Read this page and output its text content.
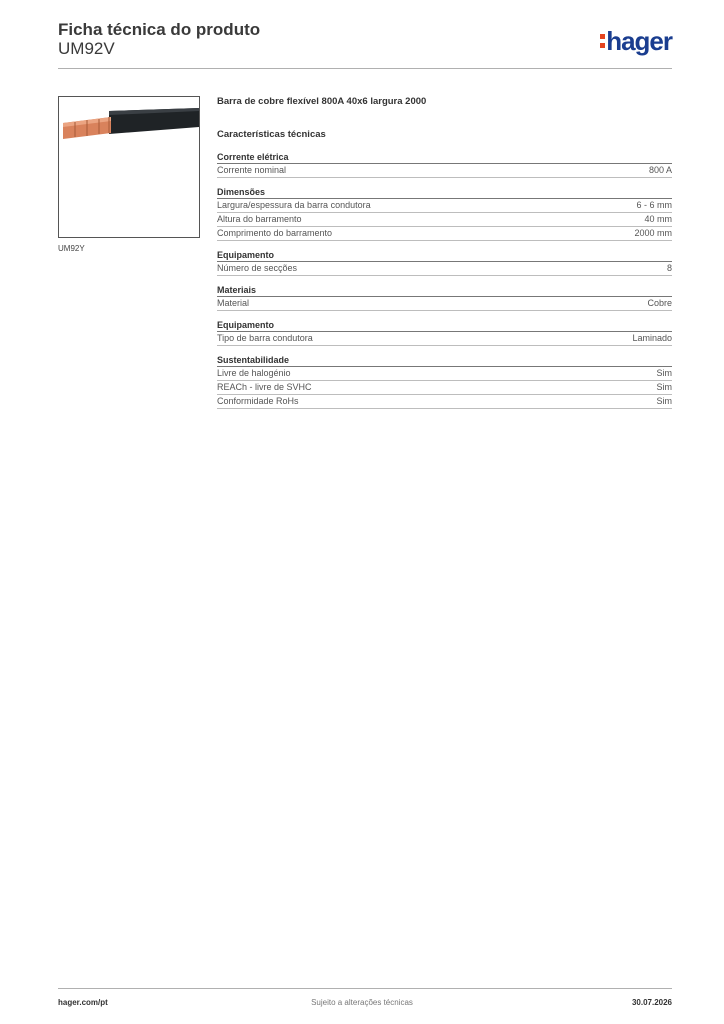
Ficha técnica do produto
UM92V	hager
UM92Y
Barra de cobre flexível 800A 40x6 largura 2000
Características técnicas
Corrente elétrica
Corrente nominal	800 A
Dimensões
Largura/espessura da barra condutora	6 - 6 mm
Altura do barramento	40 mm
Comprimento do barramento	2000 mm
Equipamento
Número de secções	8
Materiais
Material	Cobre
Equipamento
Tipo de barra condutora	Laminado
Sustentabilidade
Livre de halogénio	Sim
REACh - livre de SVHC	Sim
Conformidade RoHs	Sim
hager.com/pt	Sujeito a alterações técnicas	30.07.2026
